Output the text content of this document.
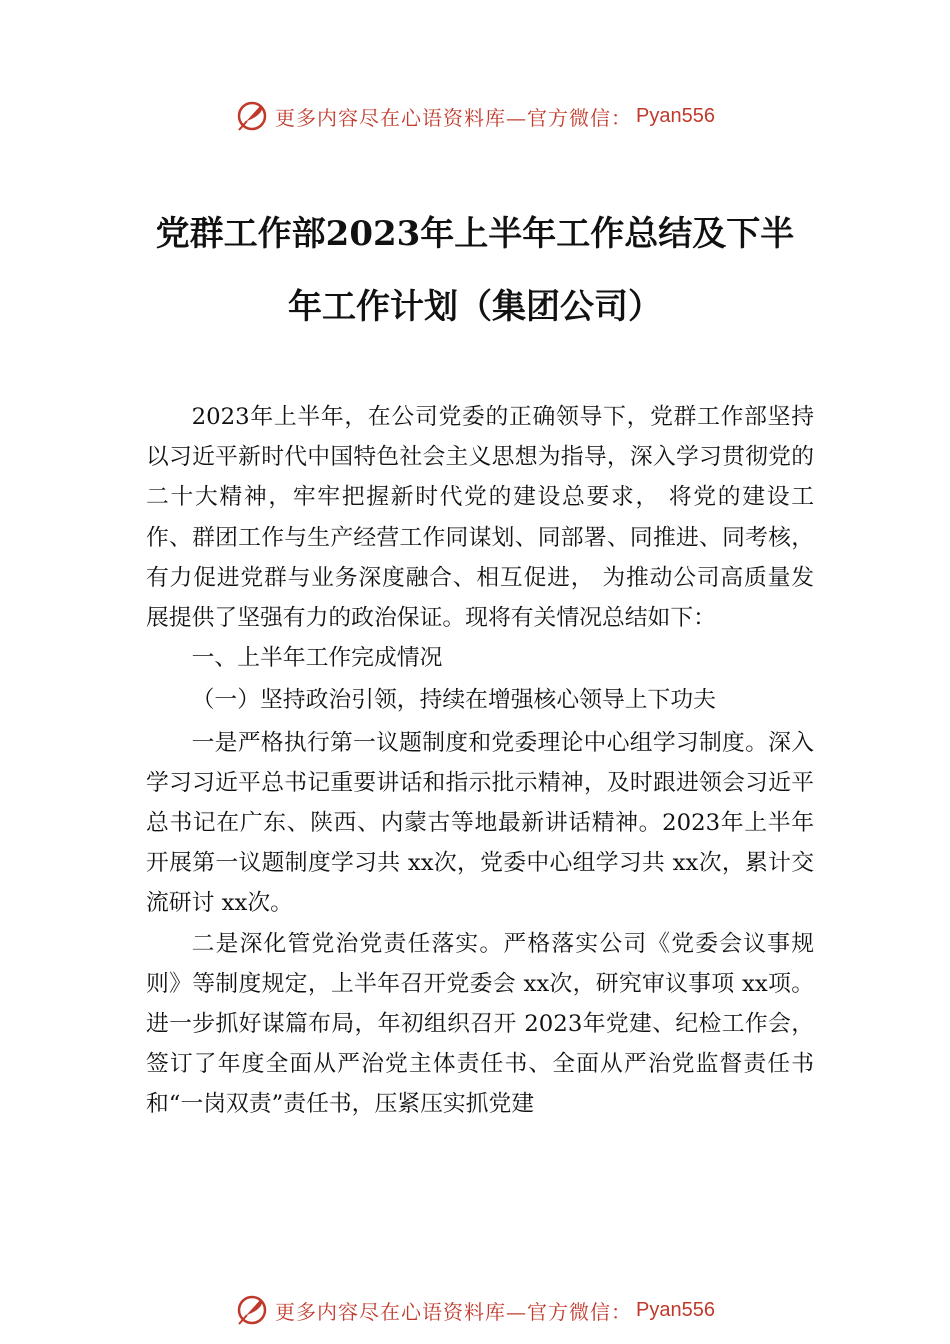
更多内容尽在心语资料库—官方微信： Pyan556
党群工作部2023年上半年工作总结及下半
年工作计划（集团公司）

2023年上半年，在公司党委的正确领导下，党群工作部坚持以习近平新时代中国特色社会主义思想为指导，深入学习贯彻党的二十大精神，牢牢把握新时代党的建设总要求， 将党的建设工作、群团工作与生产经营工作同谋划、同部署、同推进、同考核，有力促进党群与业务深度融合、相互促进， 为推动公司高质量发展提供了坚强有力的政治保证。现将有关情况总结如下：

一、上半年工作完成情况

（一）坚持政治引领，持续在增强核心领导上下功夫

一是严格执行第一议题制度和党委理论中心组学习制度。深入学习习近平总书记重要讲话和指示批示精神，及时跟进领会习近平总书记在广东、陕西、内蒙古等地最新讲话精神。2023年上半年开展第一议题制度学习共 xx次，党委中心组学习共 xx次，累计交流研讨 xx次。

二是深化管党治党责任落实。严格落实公司《党委会议事规则》等制度规定，上半年召开党委会 xx次，研究审议事项 xx项。进一步抓好谋篇布局，年初组织召开 2023年党建、纪检工作会，签订了年度全面从严治党主体责任书、全面从严治党监督责任书和“一岗双责”责任书，压紧压实抓党建

更多内容尽在心语资料库—官方微信： Pyan556
